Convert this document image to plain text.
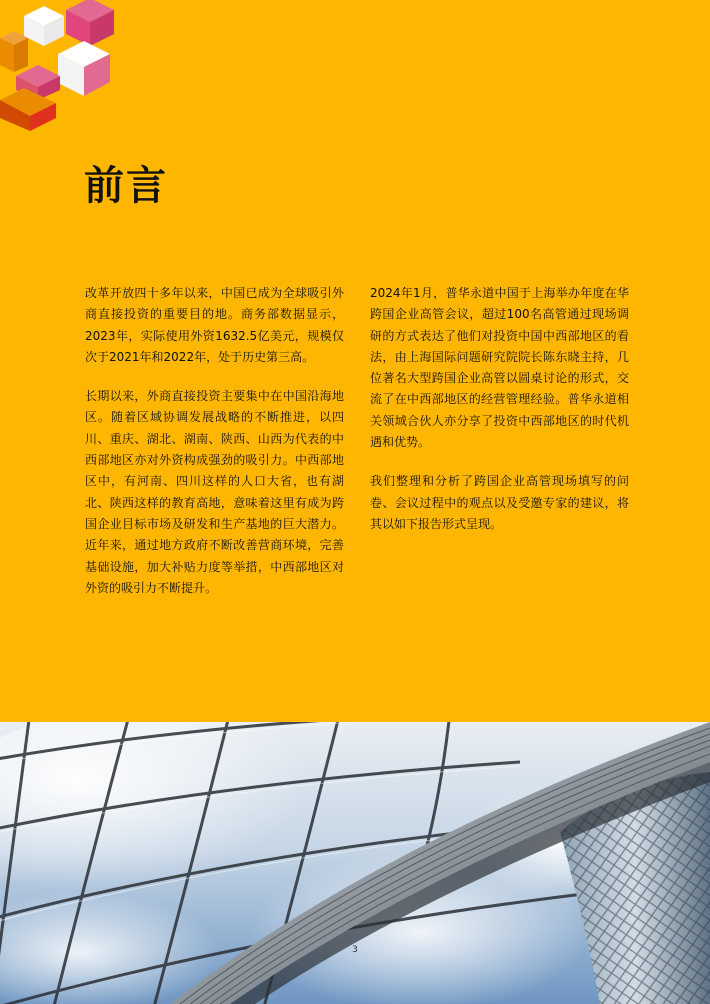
前言

改革开放四十多年以来，中国已成为全球吸引外商直接投资的重要目的地。商务部数据显示，2023年，实际使用外资1632.5亿美元，规模仅次于2021年和2022年，处于历史第三高。

长期以来，外商直接投资主要集中在中国沿海地区。随着区域协调发展战略的不断推进，以四川、重庆、湖北、湖南、陕西、山西为代表的中西部地区亦对外资构成强劲的吸引力。中西部地区中，有河南、四川这样的人口大省，也有湖北、陕西这样的教育高地，意味着这里有成为跨国企业目标市场及研发和生产基地的巨大潜力。近年来，通过地方政府不断改善营商环境，完善基础设施，加大补贴力度等举措，中西部地区对外资的吸引力不断提升。

2024年1月，普华永道中国于上海举办年度在华跨国企业高管会议，超过100名高管通过现场调研的方式表达了他们对投资中国中西部地区的看法，由上海国际问题研究院院长陈东晓主持，几位著名大型跨国企业高管以圆桌讨论的形式，交流了在中西部地区的经营管理经验。普华永道相关领域合伙人亦分享了投资中西部地区的时代机遇和优势。

我们整理和分析了跨国企业高管现场填写的问卷、会议过程中的观点以及受邀专家的建议，将其以如下报告形式呈现。

3
